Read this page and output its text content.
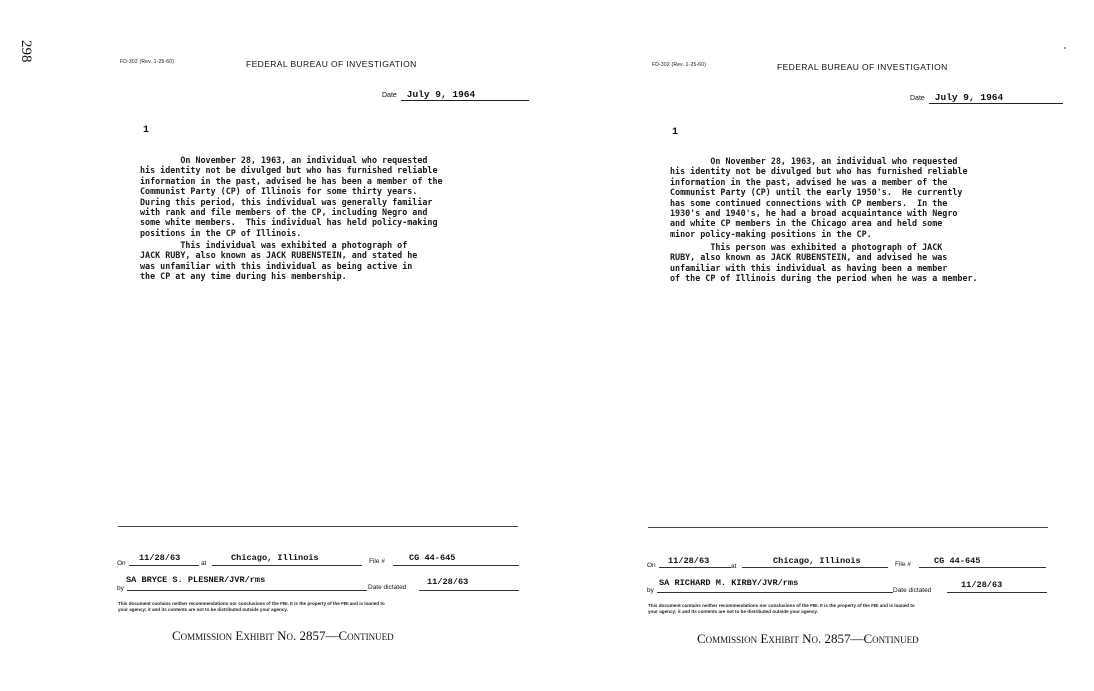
298	FD-302 (Rev. 1-25-60)	FEDERAL BUREAU OF INVESTIGATION
Date July 9, 1964
1
On November 28, 1963, an individual who requested
his identity not be divulged but who has furnished reliable
information in the past, advised he has been a member of the
Communist Party (CP) of Illinois for some thirty years.
During this period, this individual was generally familiar
with rank and file members of the CP, including Negro and
some white members.  This individual has held policy-making
positions in the CP of Illinois.
This individual was exhibited a photograph of
JACK RUBY, also known as JACK RUBENSTEIN, and stated he
was unfamiliar with this individual as being active in
the CP at any time during his membership.
On
11/28/63
at
Chicago, Illinois	File #	CG 44-645
by
SA BRYCE S. PLESNER/JVR/rms
Date dictated
11/28/63
This document contains neither recommendations nor conclusions of the FBI. It is the property of the FBI and is loaned to
your agency; it and its contents are not to be distributed outside your agency.
Commission Exhibit No. 2857—Continued
FD-302 (Rev. 1-25-60)	FEDERAL BUREAU OF INVESTIGATION
Date July 9, 1964
1
On November 28, 1963, an individual who requested
his identity not be divulged but who has furnished reliable
information in the past, advised he was a member of the
Communist Party (CP) until the early 1950's.  He currently
has some continued connections with CP members.  In the
1930's and 1940's, he had a broad acquaintance with Negro
and white CP members in the Chicago area and held some
minor policy-making positions in the CP.
This person was exhibited a photograph of JACK
RUBY, also known as JACK RUBENSTEIN, and advised he was
unfamiliar with this individual as having been a member
of the CP of Illinois during the period when he was a member.
On 11/28/63
at
Chicago, Illinois	File #	CG 44-645
by
SA RICHARD M. KIRBY/JVR/rms
Date dictated
11/28/63
This document contains neither recommendations nor conclusions of the FBI. It is the property of the FBI and is loaned to
your agency; it and its contents are not to be distributed outside your agency.
Commission Exhibit No. 2857—Continued
